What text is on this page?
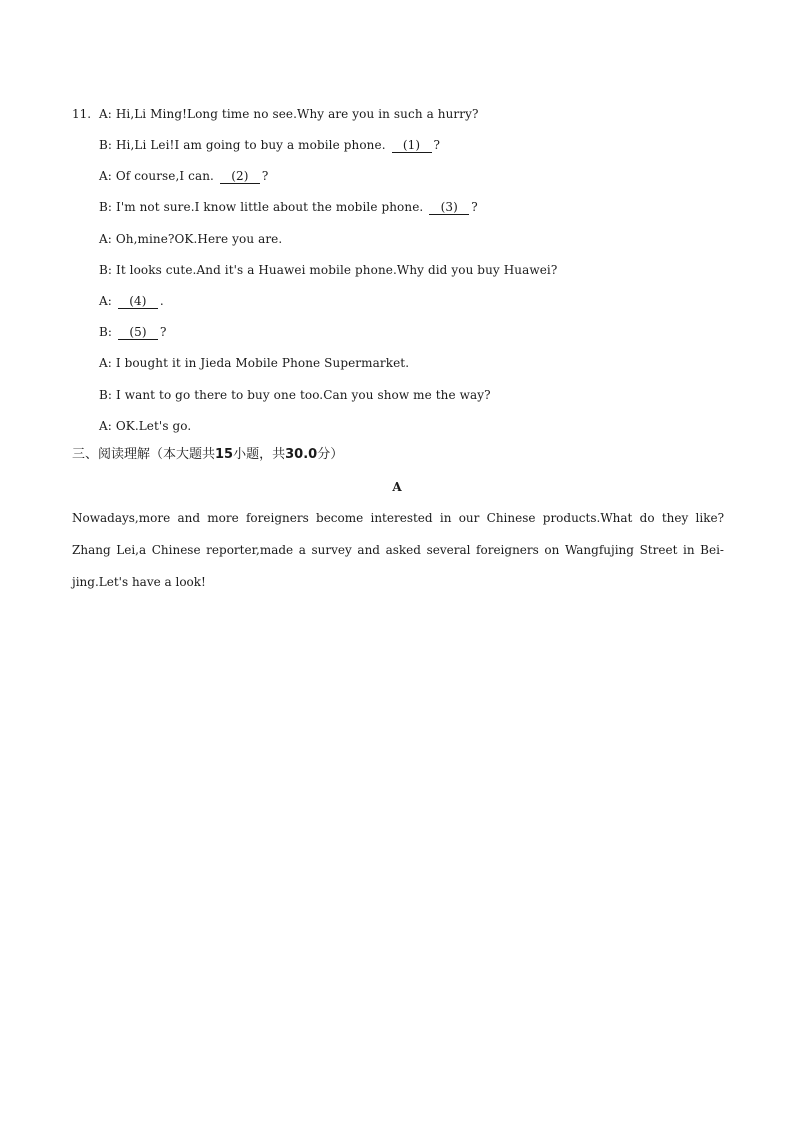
11. A: Hi,Li Ming!Long time no see.Why are you in such a hurry?
B: Hi,Li Lei!I am going to buy a mobile phone. (1) ?
A: Of course,I can. (2) ?
B: I'm not sure.I know little about the mobile phone. (3) ?
A: Oh,mine?OK.Here you are.
B: It looks cute.And it's a Huawei mobile phone.Why did you buy Huawei?
A: (4) .
B: (5) ?
A: I bought it in Jieda Mobile Phone Supermarket.
B: I want to go there to buy one too.Can you show me the way?
A: OK.Let's go.
三、阅读理解（本大题共15小题，共30.0分）
A
Nowadays,more and more foreigners become interested in our Chinese products.What do they like? Zhang Lei,a Chinese reporter,made a survey and asked several foreigners on Wangfujing Street in Bei-jing.Let's have a look!
